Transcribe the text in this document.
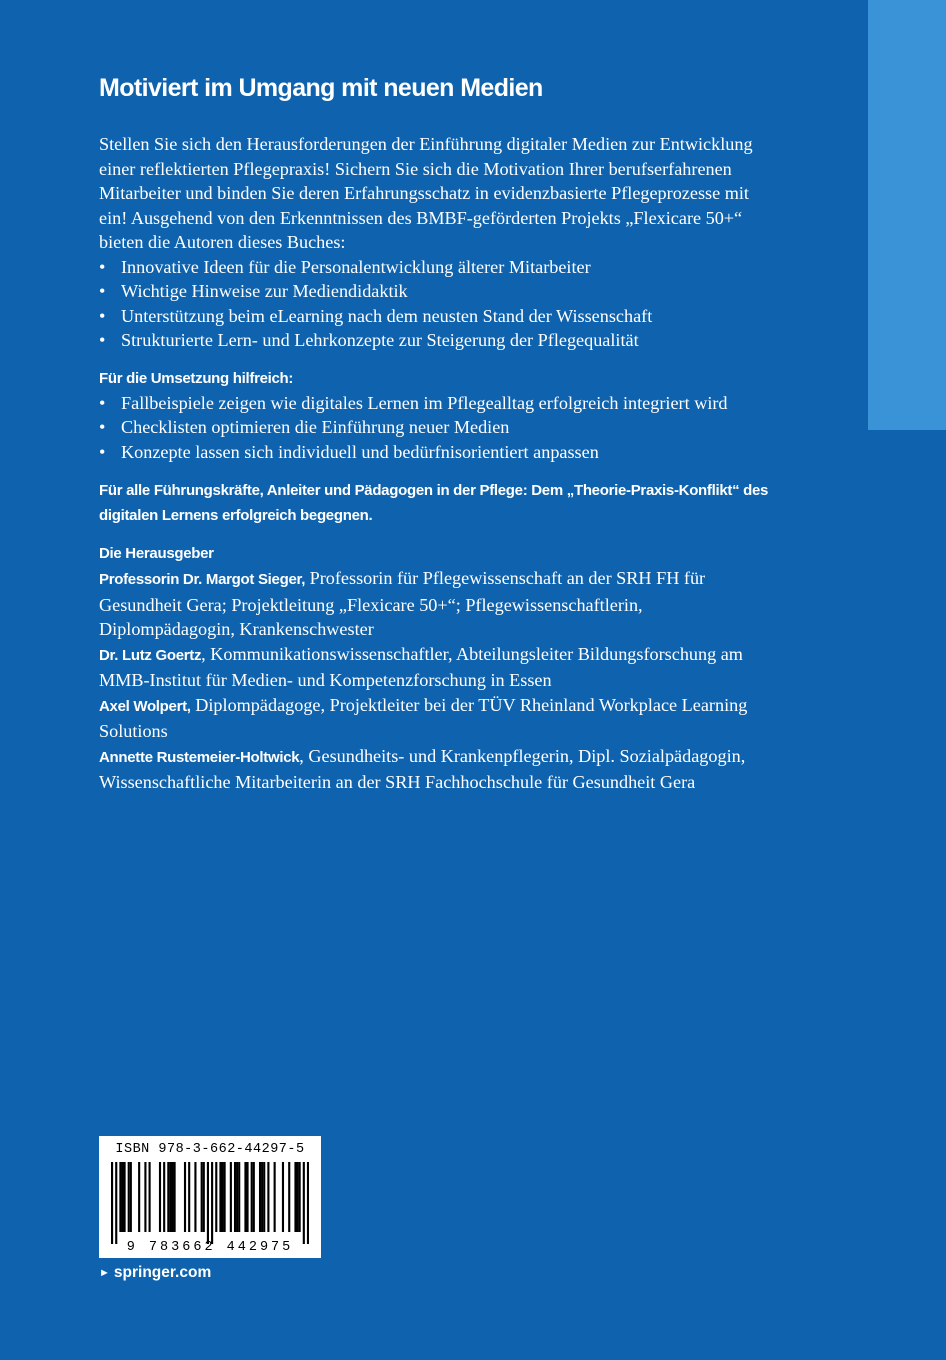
Motiviert im Umgang mit neuen Medien

Stellen Sie sich den Herausforderungen der Einführung digitaler Medien zur Entwicklung einer reflektierten Pflegepraxis! Sichern Sie sich die Motivation Ihrer berufserfahrenen Mitarbeiter und binden Sie deren Erfahrungsschatz in evidenzbasierte Pflegeprozesse mit ein! Ausgehend von den Erkenntnissen des BMBF-geförderten Projekts „Flexicare 50+“ bieten die Autoren dieses Buches:

• Innovative Ideen für die Personalentwicklung älterer Mitarbeiter
• Wichtige Hinweise zur Mediendidaktik
• Unterstützung beim eLearning nach dem neusten Stand der Wissenschaft
• Strukturierte Lern- und Lehrkonzepte zur Steigerung der Pflegequalität
Für die Umsetzung hilfreich:
• Fallbeispiele zeigen wie digitales Lernen im Pflegealltag erfolgreich integriert wird
• Checklisten optimieren die Einführung neuer Medien
• Konzepte lassen sich individuell und bedürfnisorientiert anpassen
Für alle Führungskräfte, Anleiter und Pädagogen in der Pflege: Dem „Theorie-Praxis-Konflikt“ des digitalen Lernens erfolgreich begegnen.
Die Herausgeber

Professorin Dr. Margot Sieger, Professorin für Pflegewissenschaft an der SRH FH für Gesundheit Gera; Projektleitung „Flexicare 50+“; Pflegewissenschaftlerin, Diplompädagogin, Krankenschwester

Dr. Lutz Goertz, Kommunikationswissenschaftler, Abteilungsleiter Bildungsforschung am MMB-Institut für Medien- und Kompetenzforschung in Essen

Axel Wolpert, Diplompädagoge, Projektleiter bei der TÜV Rheinland Workplace Learning Solutions

Annette Rustemeier-Holtwick, Gesundheits- und Krankenpflegerin, Dipl. Sozialpädagogin, Wissenschaftliche Mitarbeiterin an der SRH Fachhochschule für Gesundheit Gera

ISBN 978-3-662-44297-5
9 783662 442975
► springer.com
